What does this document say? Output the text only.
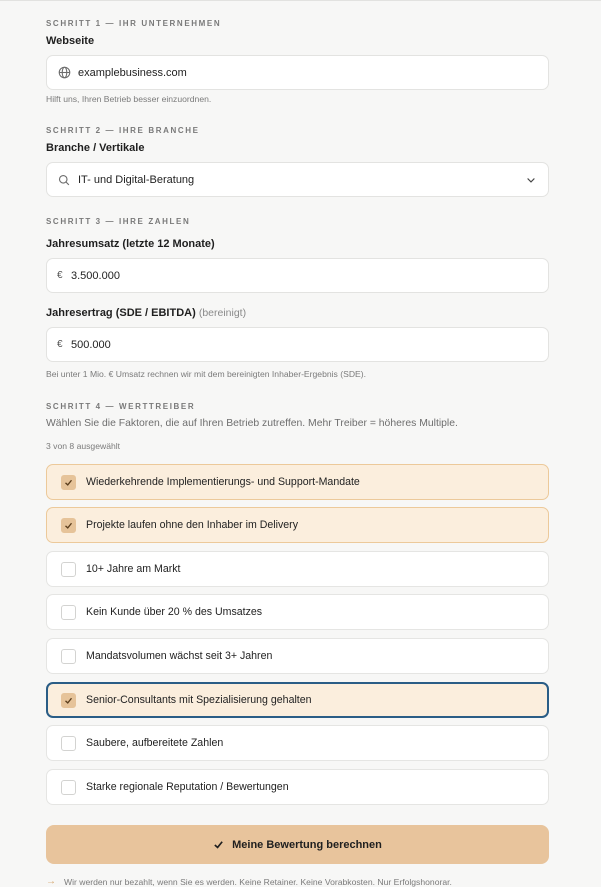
SCHRITT 1 — IHR UNTERNEHMEN
Webseite
examplebusiness.com
Hilft uns, Ihren Betrieb besser einzuordnen.
SCHRITT 2 — IHRE BRANCHE
Branche / Vertikale
IT- und Digital-Beratung
SCHRITT 3 — IHRE ZAHLEN
Jahresumsatz (letzte 12 Monate)
€ 3.500.000
Jahresertrag (SDE / EBITDA) (bereinigt)
€ 500.000
Bei unter 1 Mio. € Umsatz rechnen wir mit dem bereinigten Inhaber-Ergebnis (SDE).
SCHRITT 4 — WERTTREIBER
Wählen Sie die Faktoren, die auf Ihren Betrieb zutreffen. Mehr Treiber = höheres Multiple.
3 von 8 ausgewählt
Wiederkehrende Implementierungs- und Support-Mandate
Projekte laufen ohne den Inhaber im Delivery
10+ Jahre am Markt
Kein Kunde über 20 % des Umsatzes
Mandatsvolumen wächst seit 3+ Jahren
Senior-Consultants mit Spezialisierung gehalten
Saubere, aufbereitete Zahlen
Starke regionale Reputation / Bewertungen
Meine Bewertung berechnen
→ Wir werden nur bezahlt, wenn Sie es werden. Keine Retainer. Keine Vorabkosten. Nur Erfolgshonorar.
